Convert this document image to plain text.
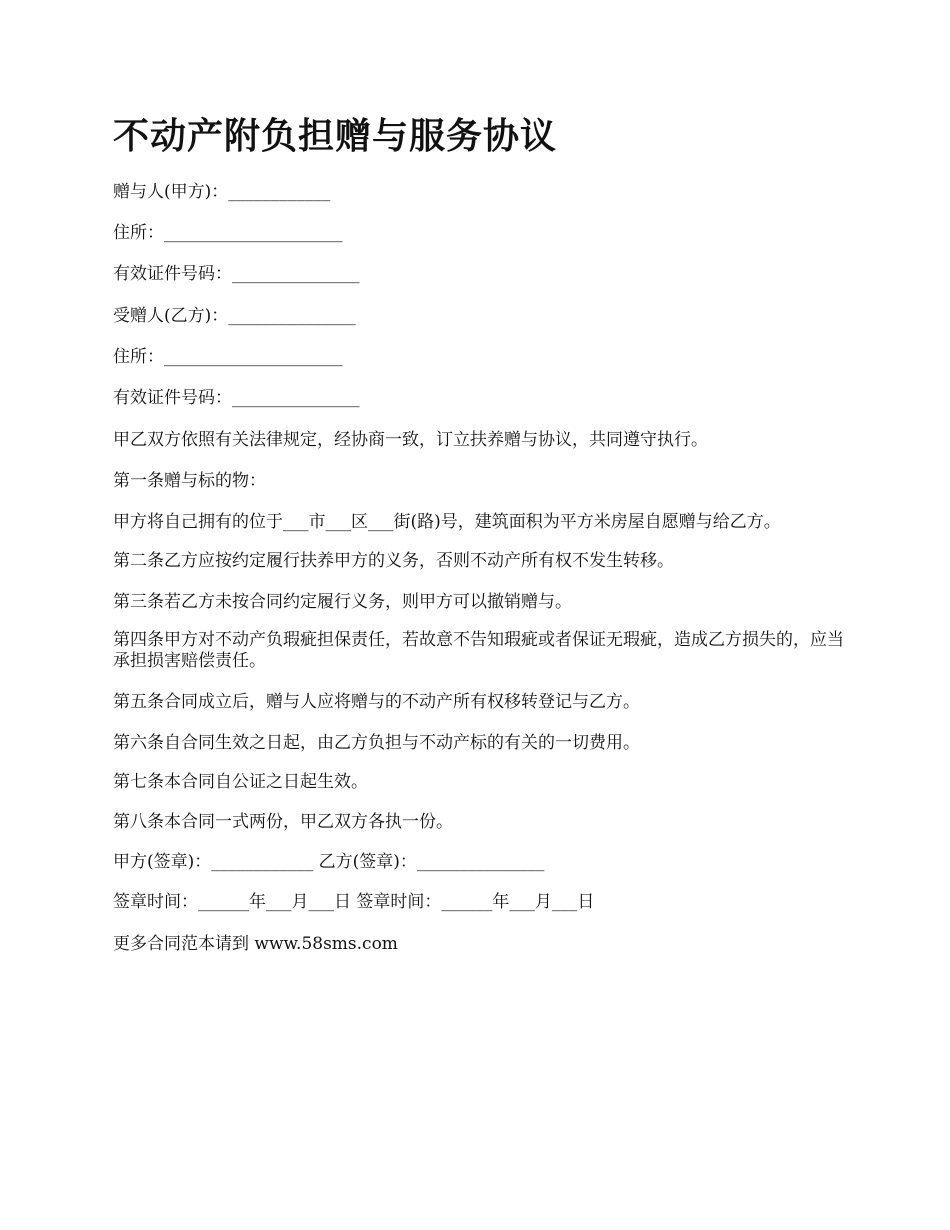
不动产附负担赠与服务协议

赠与人(甲方)：____________

住所：_____________________

有效证件号码：_______________

受赠人(乙方)：_______________

住所：_____________________

有效证件号码：_______________

甲乙双方依照有关法律规定，经协商一致，订立扶养赠与协议，共同遵守执行。

第一条赠与标的物：

甲方将自己拥有的位于___市___区___街(路)号，建筑面积为平方米房屋自愿赠与给乙方。

第二条乙方应按约定履行扶养甲方的义务，否则不动产所有权不发生转移。

第三条若乙方未按合同约定履行义务，则甲方可以撤销赠与。

第四条甲方对不动产负瑕疵担保责任，若故意不告知瑕疵或者保证无瑕疵，造成乙方损失的，应当承担损害赔偿责任。

第五条合同成立后，赠与人应将赠与的不动产所有权移转登记与乙方。

第六条自合同生效之日起，由乙方负担与不动产标的有关的一切费用。

第七条本合同自公证之日起生效。

第八条本合同一式两份，甲乙双方各执一份。

甲方(签章)：____________ 乙方(签章)：_______________

签章时间：______年___月___日 签章时间：______年___月___日

更多合同范本请到 www.58sms.com
